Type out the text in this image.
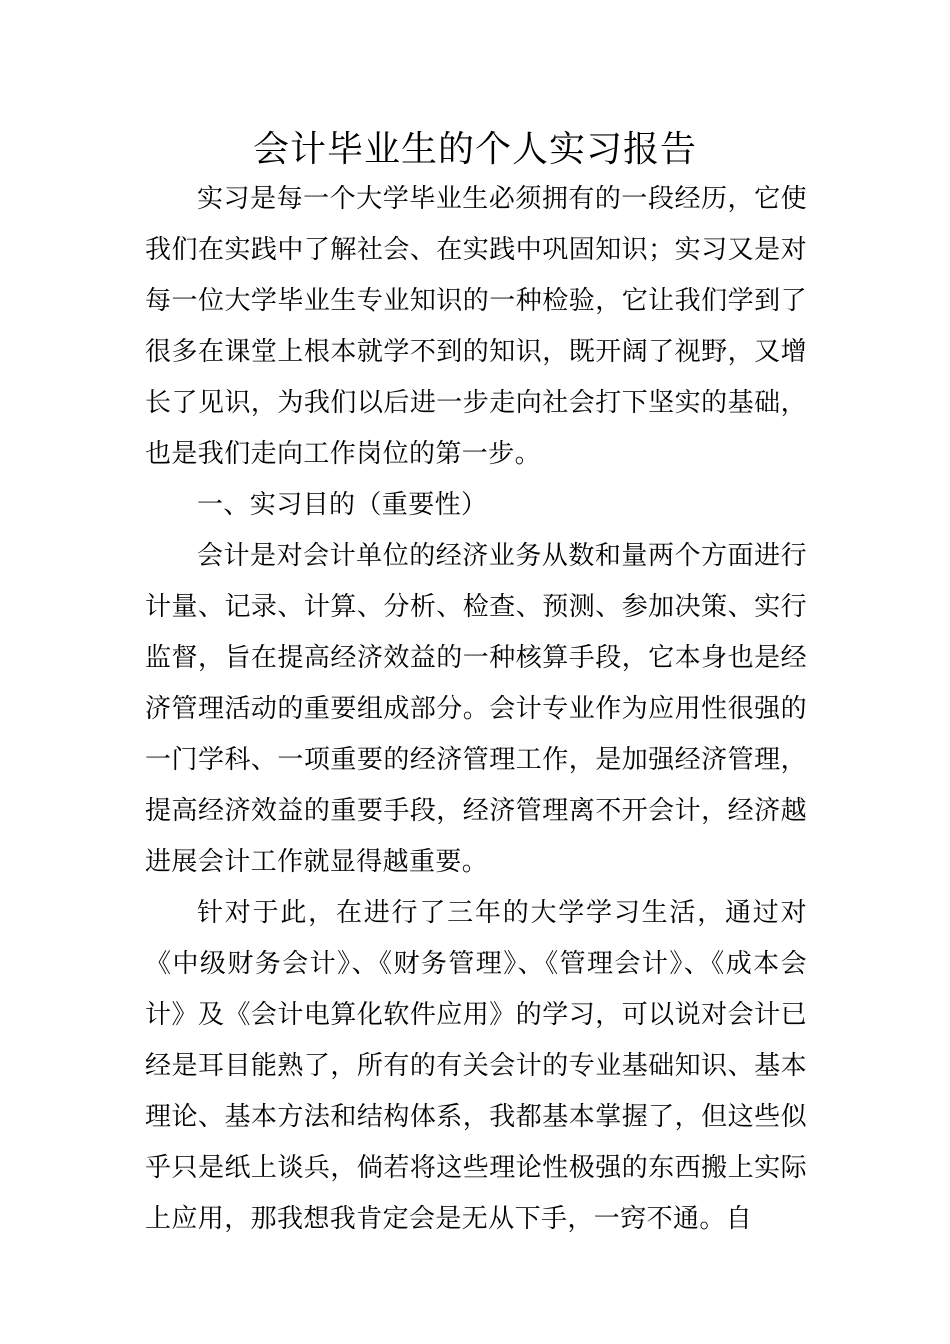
会计毕业生的个人实习报告

实习是每一个大学毕业生必须拥有的一段经历，它使我们在实践中了解社会、在实践中巩固知识；实习又是对每一位大学毕业生专业知识的一种检验，它让我们学到了很多在课堂上根本就学不到的知识，既开阔了视野，又增长了见识，为我们以后进一步走向社会打下坚实的基础，也是我们走向工作岗位的第一步。

一、实习目的（重要性）

会计是对会计单位的经济业务从数和量两个方面进行计量、记录、计算、分析、检查、预测、参加决策、实行监督，旨在提高经济效益的一种核算手段，它本身也是经济管理活动的重要组成部分。会计专业作为应用性很强的一门学科、一项重要的经济管理工作，是加强经济管理，提高经济效益的重要手段，经济管理离不开会计，经济越进展会计工作就显得越重要。

针对于此，在进行了三年的大学学习生活，通过对《中级财务会计》、《财务管理》、《管理会计》、《成本会计》及《会计电算化软件应用》的学习，可以说对会计已经是耳目能熟了，所有的有关会计的专业基础知识、基本理论、基本方法和结构体系，我都基本掌握了，但这些似乎只是纸上谈兵，倘若将这些理论性极强的东西搬上实际上应用，那我想我肯定会是无从下手，一窍不通。自
